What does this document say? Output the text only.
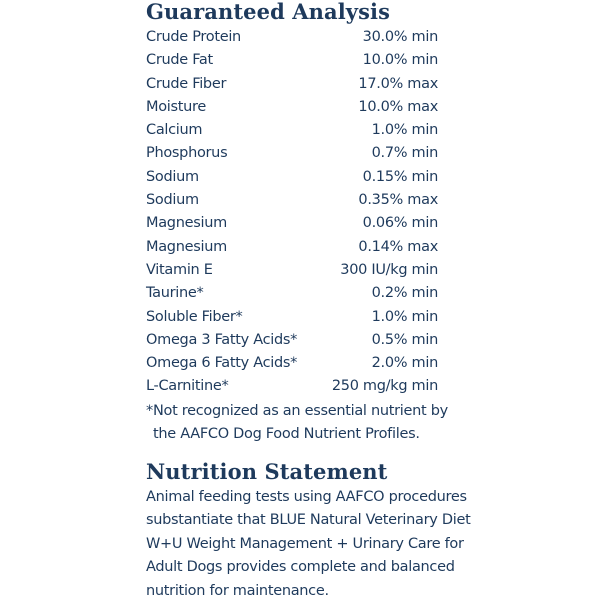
Guaranteed Analysis
Crude Protein	30.0% min
Crude Fat	10.0% min
Crude Fiber	17.0% max
Moisture	10.0% max
Calcium	1.0% min
Phosphorus	0.7% min
Sodium	0.15% min
Sodium	0.35% max
Magnesium	0.06% min
Magnesium	0.14% max
Vitamin E	300 IU/kg min
Taurine*	0.2% min
Soluble Fiber*	1.0% min
Omega 3 Fatty Acids*	0.5% min
Omega 6 Fatty Acids*	2.0% min
L-Carnitine*	250 mg/kg min
*Not recognized as an essential nutrient by
the AAFCO Dog Food Nutrient Profiles.
Nutrition Statement
Animal feeding tests using AAFCO procedures
substantiate that BLUE Natural Veterinary Diet
W+U Weight Management + Urinary Care for
Adult Dogs provides complete and balanced
nutrition for maintenance.
